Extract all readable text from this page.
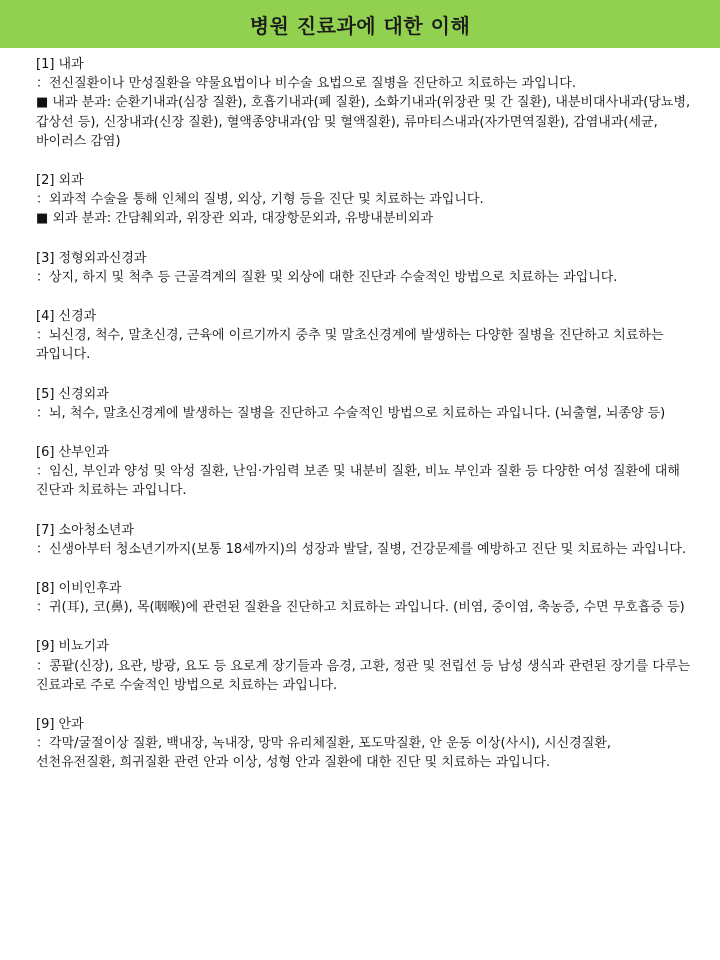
병원 진료과에 대한 이해
[1] 내과
：전신질환이나 만성질환을 약물요법이나 비수술 요법으로 질병을 진단하고 치료하는 과입니다.
■ 내과 분과: 순환기내과(심장 질환), 호흡기내과(폐 질환), 소화기내과(위장관 및 간 질환), 내분비대사내과(당뇨병, 갑상선 등), 신장내과(신장 질환), 혈액종양내과(암 및 혈액질환), 류마티스내과(자가면역질환), 감염내과(세균, 바이러스 감염)
[2] 외과
：외과적 수술을 통해 인체의 질병, 외상, 기형 등을 진단 및 치료하는 과입니다.
■ 외과 분과: 간담췌외과, 위장관 외과, 대장항문외과, 유방내분비외과
[3] 정형외과신경과
：상지, 하지 및 척추 등 근골격계의 질환 및 외상에 대한 진단과 수술적인 방법으로 치료하는 과입니다.
[4] 신경과
：뇌신경, 척수, 말초신경, 근육에 이르기까지 중추 및 말초신경계에 발생하는 다양한 질병을 진단하고 치료하는 과입니다.
[5] 신경외과
：뇌, 척수, 말초신경계에 발생하는 질병을 진단하고 수술적인 방법으로 치료하는 과입니다. (뇌출혈, 뇌종양 등)
[6] 산부인과
：임신, 부인과 양성 및 악성 질환, 난임·가임력 보존 및 내분비 질환, 비뇨 부인과 질환 등 다양한 여성 질환에 대해 진단과 치료하는 과입니다.
[7] 소아청소년과
：신생아부터 청소년기까지(보통 18세까지)의 성장과 발달, 질병, 건강문제를 예방하고 진단 및 치료하는 과입니다.
[8] 이비인후과
：귀(耳), 코(鼻), 목(咽喉)에 관련된 질환을 진단하고 치료하는 과입니다. (비염, 중이염, 축농증, 수면 무호흡증 등)
[9] 비뇨기과
：콩팥(신장), 요관, 방광, 요도 등 요로계 장기들과 음경, 고환, 정관 및 전립선 등 남성 생식과 관련된 장기를 다루는 진료과로 주로 수술적인 방법으로 치료하는 과입니다.
[9] 안과
：각막/굴절이상 질환, 백내장, 녹내장, 망막 유리체질환, 포도막질환, 안 운동 이상(사시), 시신경질환, 선천유전질환, 희귀질환 관련 안과 이상, 성형 안과 질환에 대한 진단 및 치료하는 과입니다.
